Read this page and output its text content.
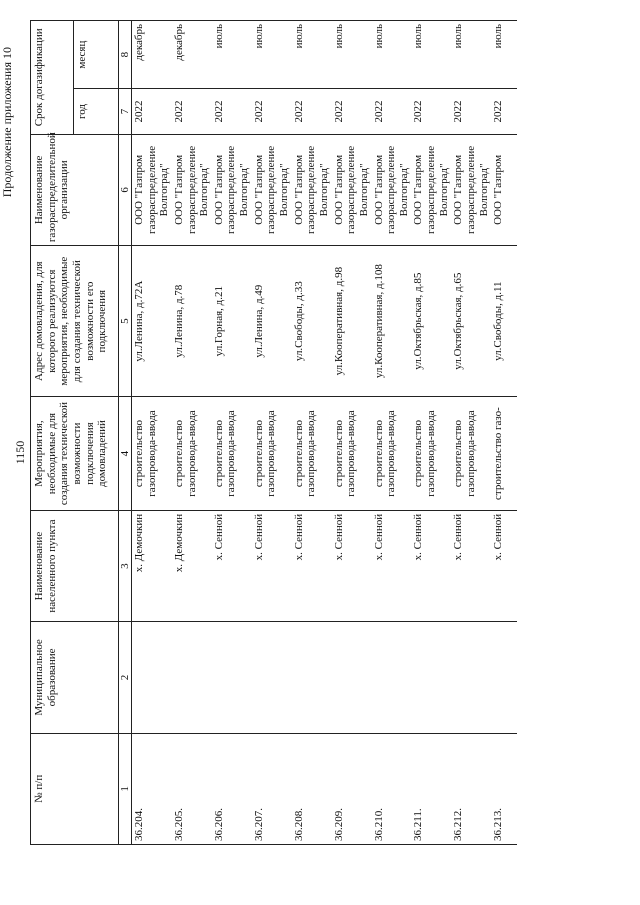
1150
Продолжение приложения 10
№ п/п	Муниципальное образование	Наименование населенного пункта	Мероприятия, необходимые для создания технической возможности подключения домовладений	Адрес домовладения, для которого реализуются мероприятия, необходимые для создания технической возможности его подключения	Наименование газораспределительной организации	Срок догазификации	
						год	месяц
1	2	3	4	5	6	7	8
36.204.		х. Демочкин	строительство газопровода-ввода	ул.Ленина, д.72А	ООО "Газпром газораспределение Волгоград"	2022	декабрь
36.205.		х. Демочкин	строительство газопровода-ввода	ул.Ленина, д.78	ООО "Газпром газораспределение Волгоград"	2022	декабрь
36.206.		х. Сенной	строительство газопровода-ввода	ул.Горная, д.21	ООО "Газпром газораспределение Волгоград"	2022	июль
36.207.		х. Сенной	строительство газопровода-ввода	ул.Ленина, д.49	ООО "Газпром газораспределение Волгоград"	2022	июль
36.208.		х. Сенной	строительство газопровода-ввода	ул.Свободы, д.33	ООО "Газпром газораспределение Волгоград"	2022	июль
36.209.		х. Сенной	строительство газопровода-ввода	ул.Кооперативная, д.98	ООО "Газпром газораспределение Волгоград"	2022	июль
36.210.		х. Сенной	строительство газопровода-ввода	ул.Кооперативная, д.108	ООО "Газпром газораспределение Волгоград"	2022	июль
36.211.		х. Сенной	строительство газопровода-ввода	ул.Октябрьская, д.85	ООО "Газпром газораспределение Волгоград"	2022	июль
36.212.		х. Сенной	строительство газопровода-ввода	ул.Октябрьская, д.65	ООО "Газпром газораспределение Волгоград"	2022	июль
36.213.		х. Сенной	строительство газо-	ул.Свободы, д.11	ООО "Газпром	2022	июль
